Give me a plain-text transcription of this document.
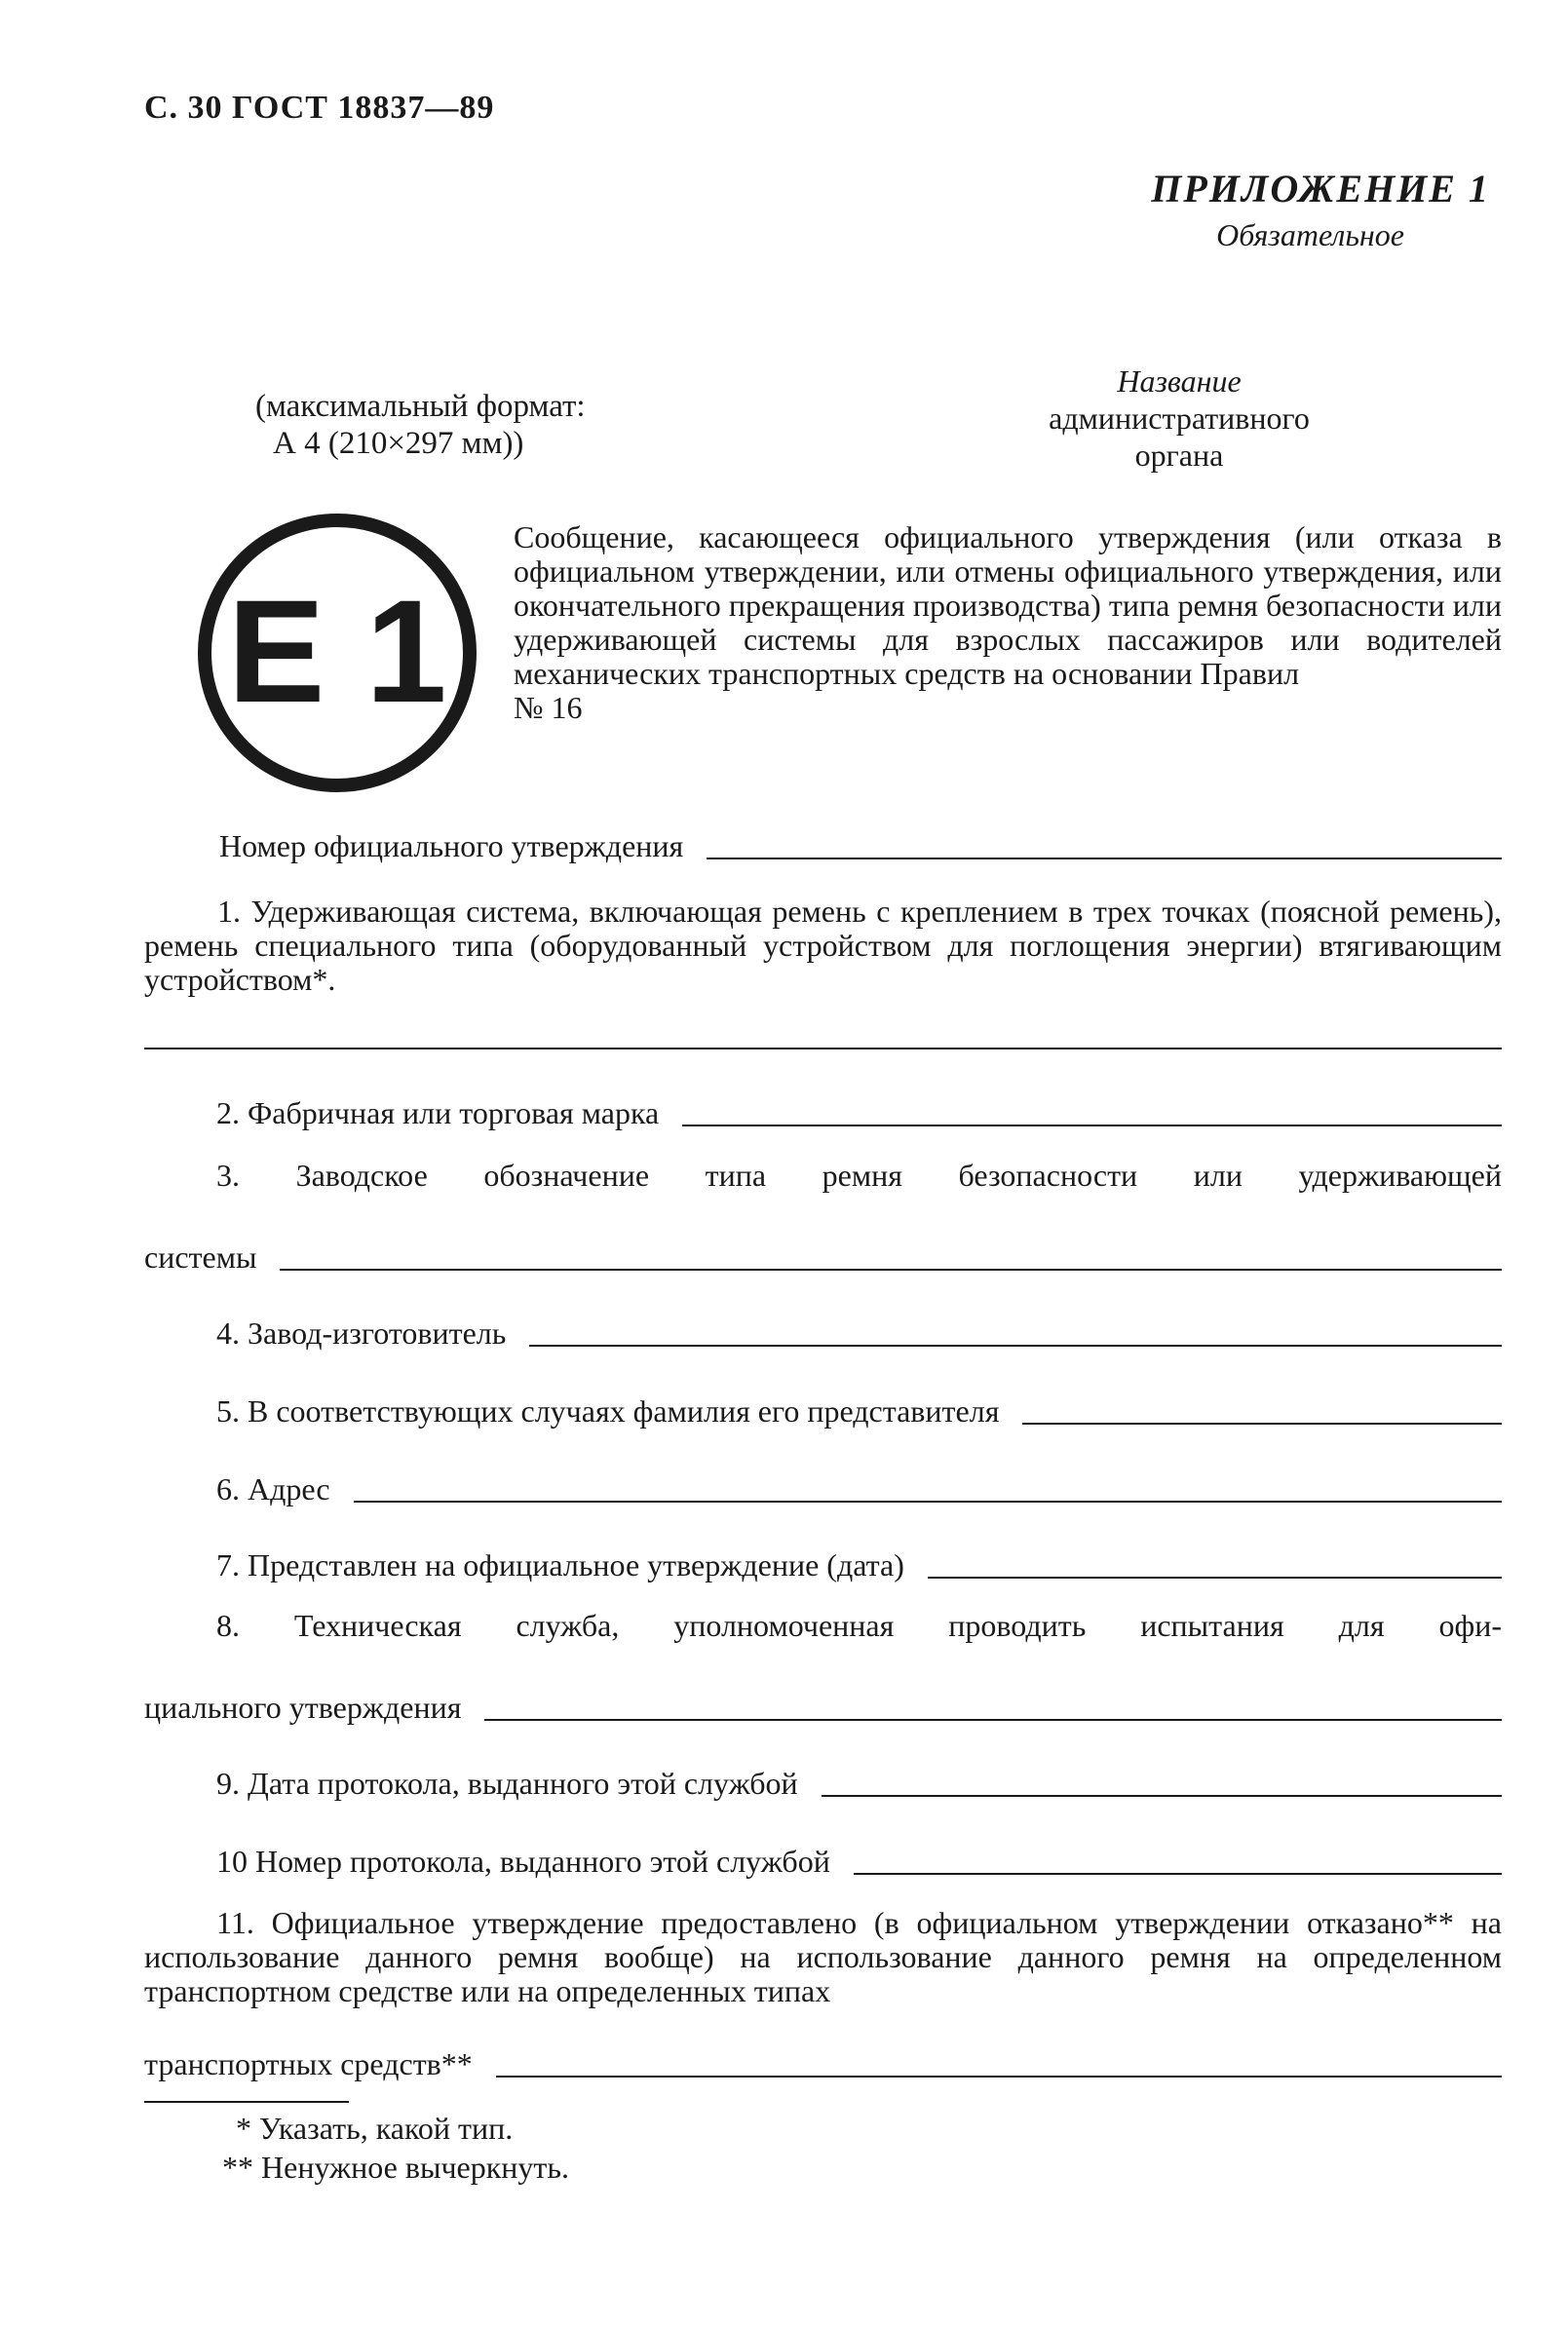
С. 30 ГОСТ 18837—89
ПРИЛОЖЕНИЕ 1
Обязательное
(максимальный формат:
А 4 (210×297 мм))
Название
административного
органа
E 1
Сообщение, касающееся официального утверждения (или отказа в официальном утверждении, или отмены официального утверждения, или окончательного прекращения производства) типа ремня безопасности или удерживающей системы для взрослых пассажиров или водителей механических транспортных средств на основании Правил
№ 16
Номер официального утверждения
1. Удерживающая система, включающая ремень с креплением в трех точках (поясной ремень), ремень специального типа (оборудованный устройством для поглощения энергии) втягивающим устройством*.
2. Фабричная или торговая марка
3. Заводское обозначение типа ремня безопасности или удерживающей
системы
4. Завод-изготовитель
5. В соответствующих случаях фамилия его представителя
6. Адрес
7. Представлен на официальное утверждение (дата)
8. Техническая служба, уполномоченная проводить испытания для офи-
циального утверждения
9. Дата протокола, выданного этой службой
10 Номер протокола, выданного этой службой
11. Официальное утверждение предоставлено (в официальном утверждении отказано** на использование данного ремня вообще) на использование данного ремня на определенном транспортном средстве или на определенных типах
транспортных средств**
* Указать, какой тип.
** Ненужное вычеркнуть.
